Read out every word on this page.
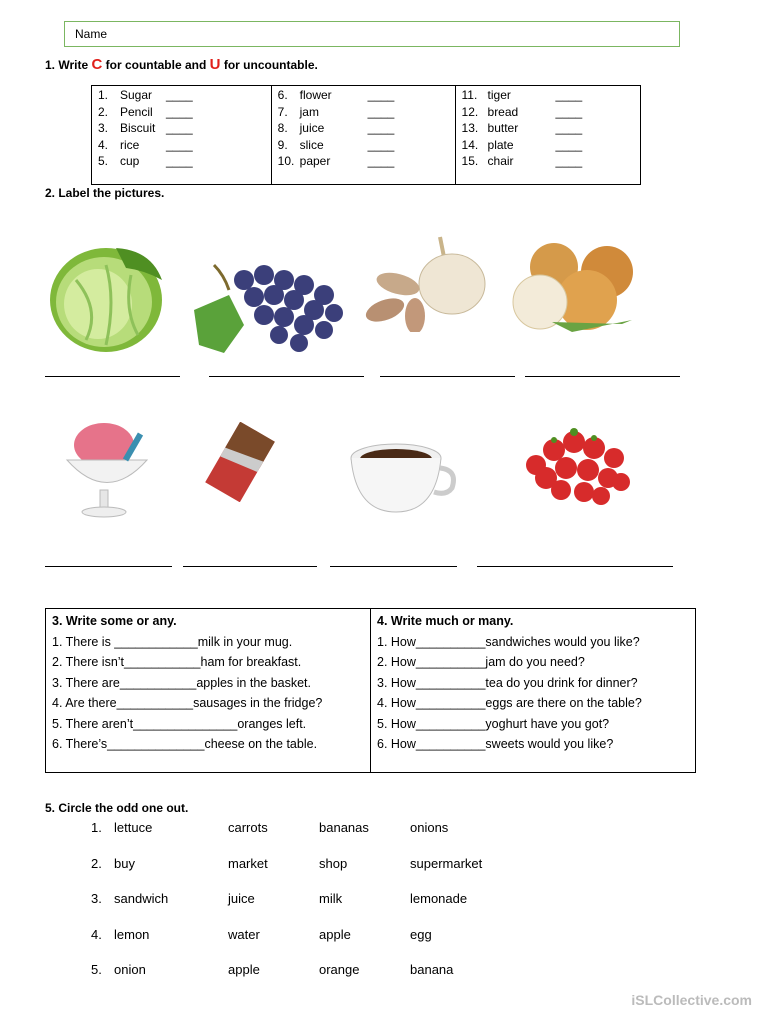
Name
1. Write C for countable and U for uncountable.
1. Sugar	____
2. Pencil	____
3. Biscuit ____
4. rice	____
5. cup	____

6. flower	____
7. jam	____
8. juice	____
9. slice	____
10. paper	____

11. tiger	____
12. bread	____
13. butter	____
14. plate	____
15. chair	____
2. Label the pictures.
3. Write some or any.
1. There is ____________milk in your mug.
2. There isn’t___________ham for breakfast.
3. There are___________apples in the basket.
4. Are there___________sausages in the fridge?
5. There aren’t_______________oranges left.
6. There’s______________cheese on the table.

4. Write much or many.
1. How__________sandwiches would you like?
2. How__________jam do you need?
3. How__________tea do you drink for dinner?
4. How__________eggs are there on the table?
5. How__________yoghurt have you got?
6. How__________sweets would you like?
5. Circle the odd one out.
1. lettuce	carrots	bananas	onions
2. buy	market	shop	supermarket
3. sandwich	juice	milk	lemonade
4. lemon	water	apple	egg
5. onion	apple	orange	banana
iSLCollective.com
